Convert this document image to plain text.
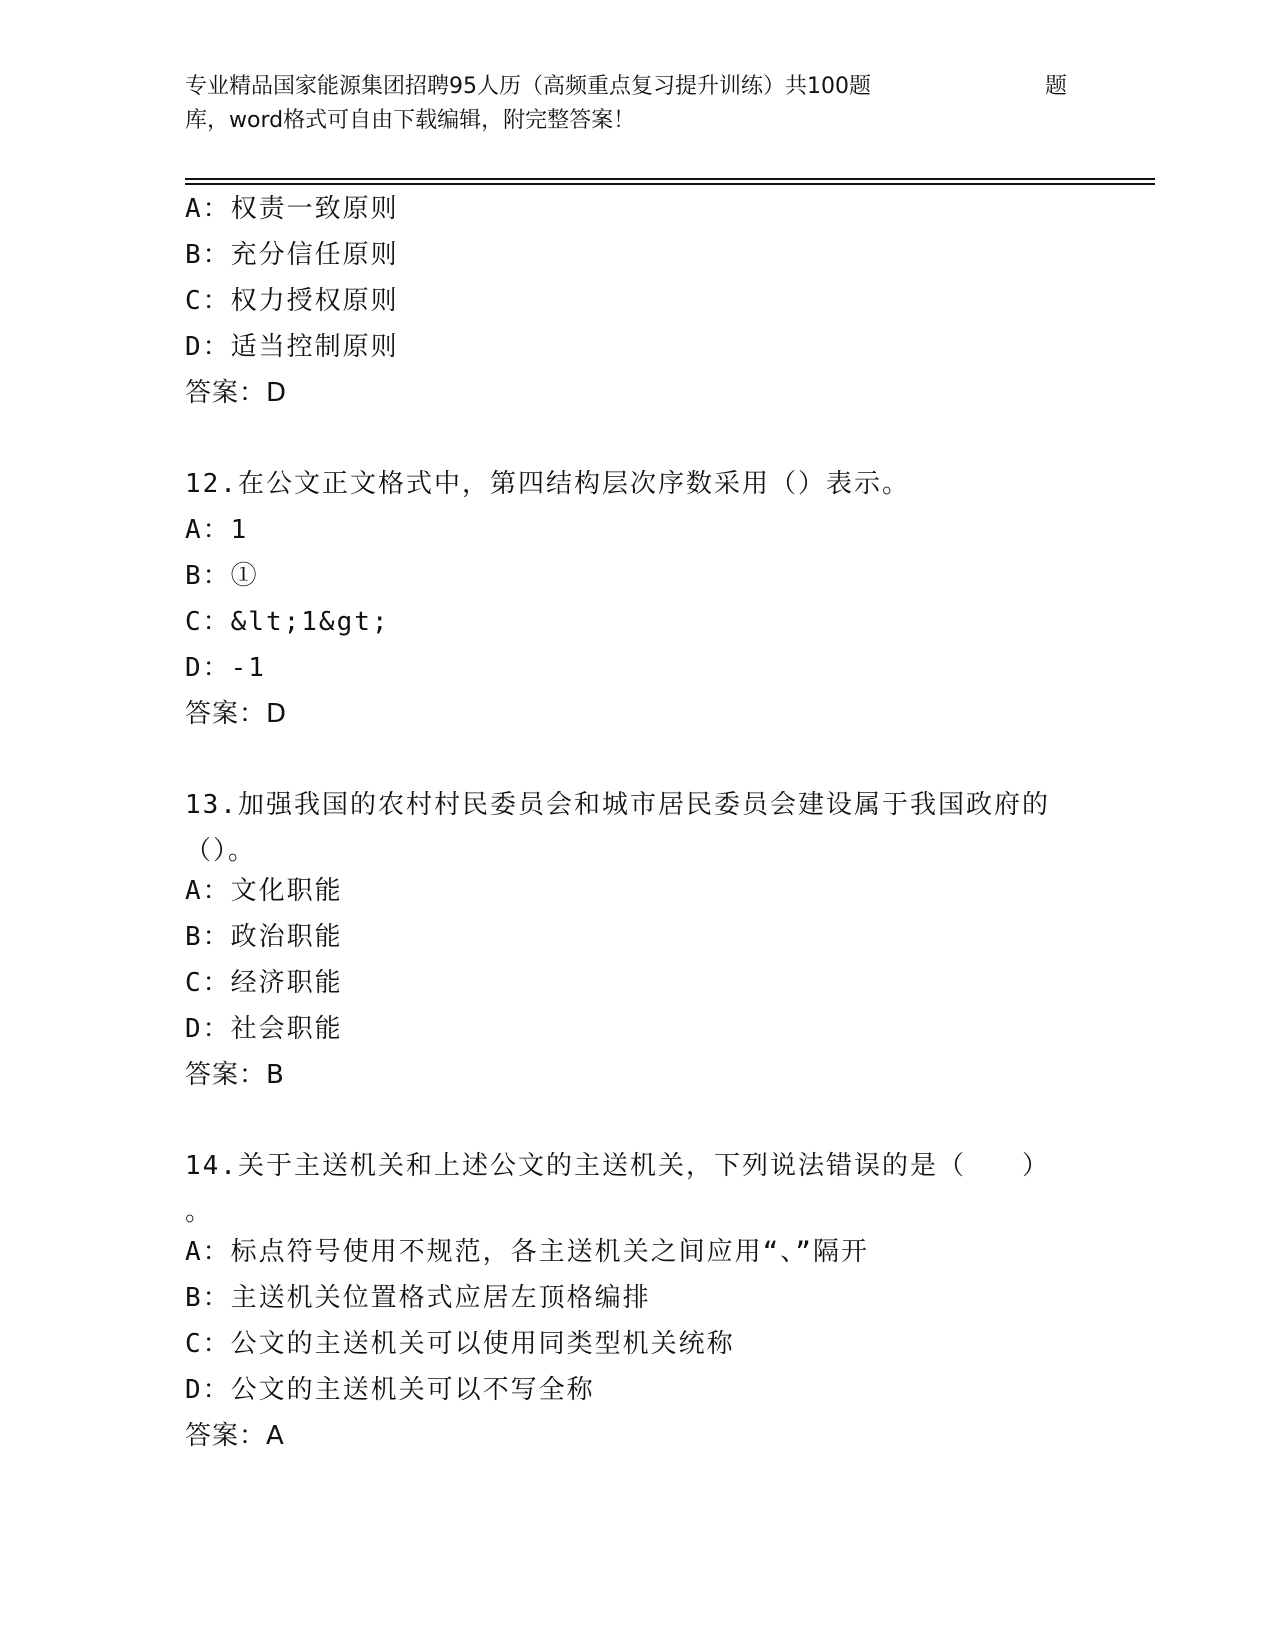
专业精品国家能源集团招聘95人历（高频重点复习提升训练）共100题	题
库，word格式可自由下载编辑，附完整答案！
A：权责一致原则
B：充分信任原则
C：权力授权原则
D：适当控制原则
答案：D
12.在公文正文格式中，第四结构层次序数采用（）表示。
A：1
B：①
C：&lt;1&gt;
D：-1
答案：D
13.加强我国的农村村民委员会和城市居民委员会建设属于我国政府的
（）。
A：文化职能
B：政治职能
C：经济职能
D：社会职能
答案：B
14.关于主送机关和上述公文的主送机关，下列说法错误的是（　　）
。
A：标点符号使用不规范，各主送机关之间应用“、”隔开
B：主送机关位置格式应居左顶格编排
C：公文的主送机关可以使用同类型机关统称
D：公文的主送机关可以不写全称
答案：A
